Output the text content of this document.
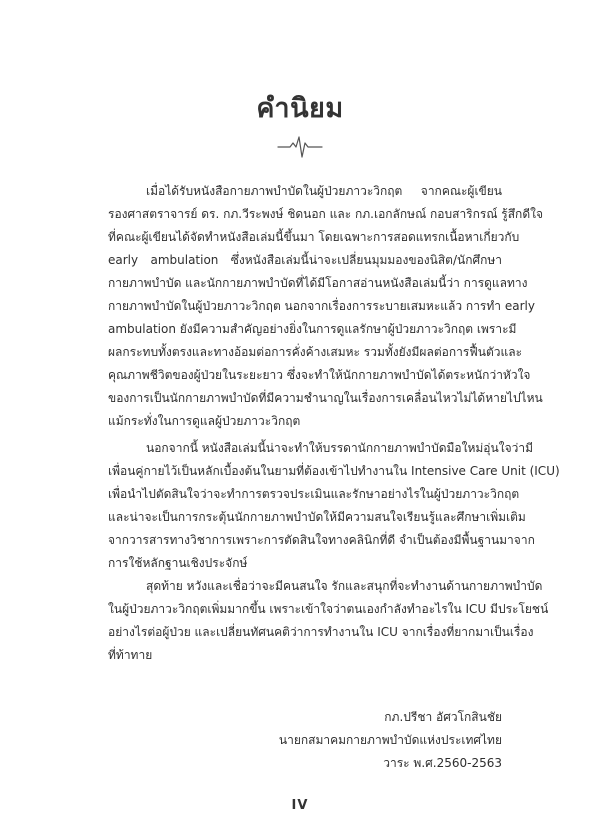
คำนิยม
เมื่อได้รับหนังสือกายภาพบำบัดในผู้ป่วยภาวะวิกฤต จากคณะผู้เขียน
รองศาสตราจารย์ ดร. กภ.วีระพงษ์ ชิดนอก และ กภ.เอกลักษณ์ กอบสาริกรณ์ รู้สึกดีใจ
ที่คณะผู้เขียนได้จัดทำหนังสือเล่มนี้ขึ้นมา โดยเฉพาะการสอดแทรกเนื้อหาเกี่ยวกับ
early ambulation ซึ่งหนังสือเล่มนี้น่าจะเปลี่ยนมุมมองของนิสิต/นักศึกษา
กายภาพบำบัด และนักกายภาพบำบัดที่ได้มีโอกาสอ่านหนังสือเล่มนี้ว่า การดูแลทาง
กายภาพบำบัดในผู้ป่วยภาวะวิกฤต นอกจากเรื่องการระบายเสมหะแล้ว การทำ early
ambulation ยังมีความสำคัญอย่างยิ่งในการดูแลรักษาผู้ป่วยภาวะวิกฤต เพราะมี
ผลกระทบทั้งตรงและทางอ้อมต่อการคั่งค้างเสมหะ รวมทั้งยังมีผลต่อการฟื้นตัวและ
คุณภาพชีวิตของผู้ป่วยในระยะยาว ซึ่งจะทำให้นักกายภาพบำบัดได้ตระหนักว่าหัวใจ
ของการเป็นนักกายภาพบำบัดที่มีความชำนาญในเรื่องการเคลื่อนไหวไม่ได้หายไปไหน
แม้กระทั่งในการดูแลผู้ป่วยภาวะวิกฤต
นอกจากนี้ หนังสือเล่มนี้น่าจะทำให้บรรดานักกายภาพบำบัดมือใหม่อุ่นใจว่ามี
เพื่อนคู่กายไว้เป็นหลักเบื้องต้นในยามที่ต้องเข้าไปทำงานใน Intensive Care Unit (ICU)
เพื่อนำไปตัดสินใจว่าจะทำการตรวจประเมินและรักษาอย่างไรในผู้ป่วยภาวะวิกฤต
และน่าจะเป็นการกระตุ้นนักกายภาพบำบัดให้มีความสนใจเรียนรู้และศึกษาเพิ่มเติม
จากวารสารทางวิชาการเพราะการตัดสินใจทางคลินิกที่ดี จำเป็นต้องมีพื้นฐานมาจาก
การใช้หลักฐานเชิงประจักษ์
สุดท้าย หวังและเชื่อว่าจะมีคนสนใจ รักและสนุกที่จะทำงานด้านกายภาพบำบัด
ในผู้ป่วยภาวะวิกฤตเพิ่มมากขึ้น เพราะเข้าใจว่าตนเองกำลังทำอะไรใน ICU มีประโยชน์
อย่างไรต่อผู้ป่วย และเปลี่ยนทัศนคติว่าการทำงานใน ICU จากเรื่องที่ยากมาเป็นเรื่อง
ที่ท้าทาย
กภ.ปรีชา อัศวโกสินชัย
นายกสมาคมกายภาพบำบัดแห่งประเทศไทย
วาระ พ.ศ.2560-2563
IV
